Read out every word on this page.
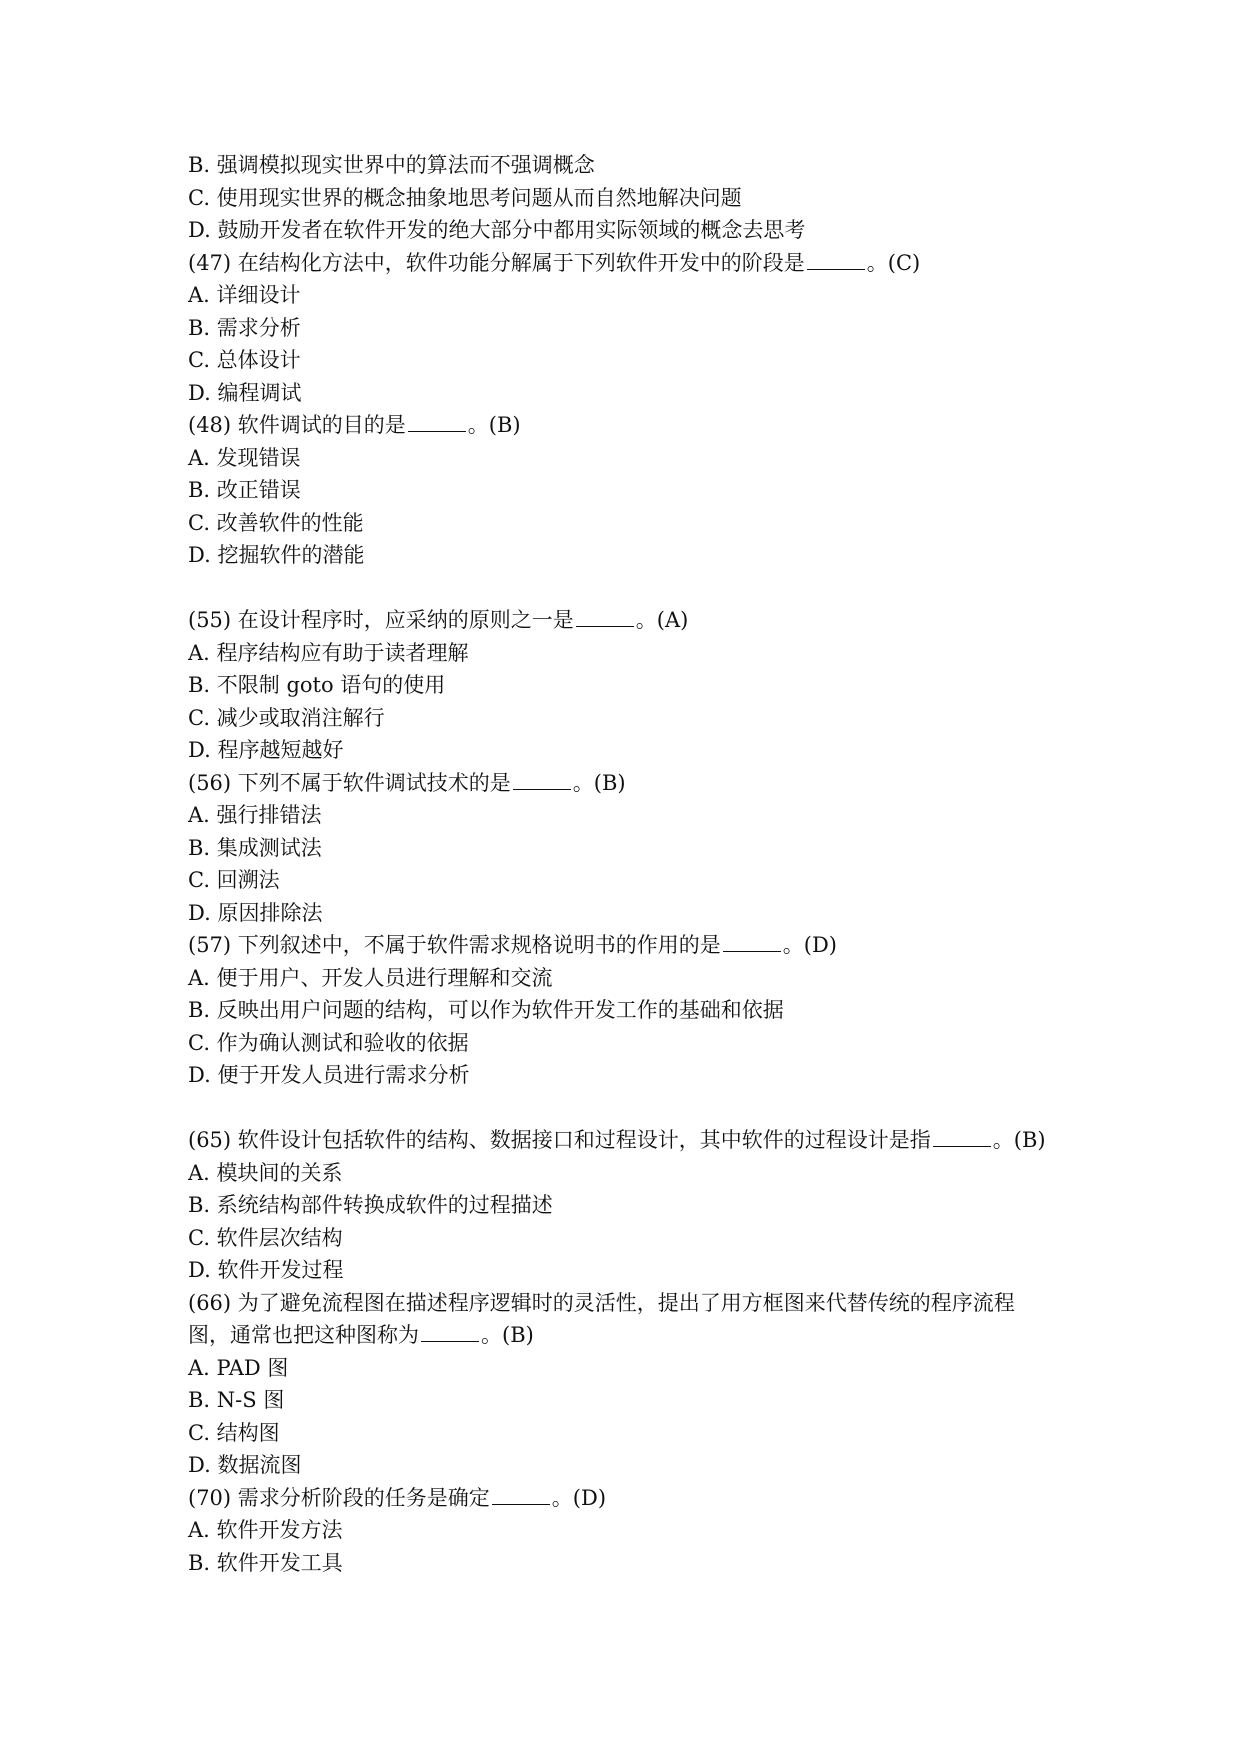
B. 强调模拟现实世界中的算法而不强调概念
C. 使用现实世界的概念抽象地思考问题从而自然地解决问题
D. 鼓励开发者在软件开发的绝大部分中都用实际领域的概念去思考
(47) 在结构化方法中，软件功能分解属于下列软件开发中的阶段是	。(C)
A. 详细设计
B. 需求分析
C. 总体设计
D. 编程调试
(48) 软件调试的目的是	。(B)
A. 发现错误
B. 改正错误
C. 改善软件的性能
D. 挖掘软件的潜能
(55) 在设计程序时，应采纳的原则之一是	。(A)
A. 程序结构应有助于读者理解
B. 不限制 goto 语句的使用
C. 减少或取消注解行
D. 程序越短越好
(56) 下列不属于软件调试技术的是	。(B)
A. 强行排错法
B. 集成测试法
C. 回溯法
D. 原因排除法
(57) 下列叙述中，不属于软件需求规格说明书的作用的是	。(D)
A. 便于用户、开发人员进行理解和交流
B. 反映出用户问题的结构，可以作为软件开发工作的基础和依据
C. 作为确认测试和验收的依据
D. 便于开发人员进行需求分析
(65) 软件设计包括软件的结构、数据接口和过程设计，其中软件的过程设计是指	。(B)
A. 模块间的关系
B. 系统结构部件转换成软件的过程描述
C. 软件层次结构
D. 软件开发过程
(66) 为了避免流程图在描述程序逻辑时的灵活性，提出了用方框图来代替传统的程序流程
图，通常也把这种图称为	。(B)
A. PAD 图
B. N-S 图
C. 结构图
D. 数据流图
(70) 需求分析阶段的任务是确定	。(D)
A. 软件开发方法
B. 软件开发工具
